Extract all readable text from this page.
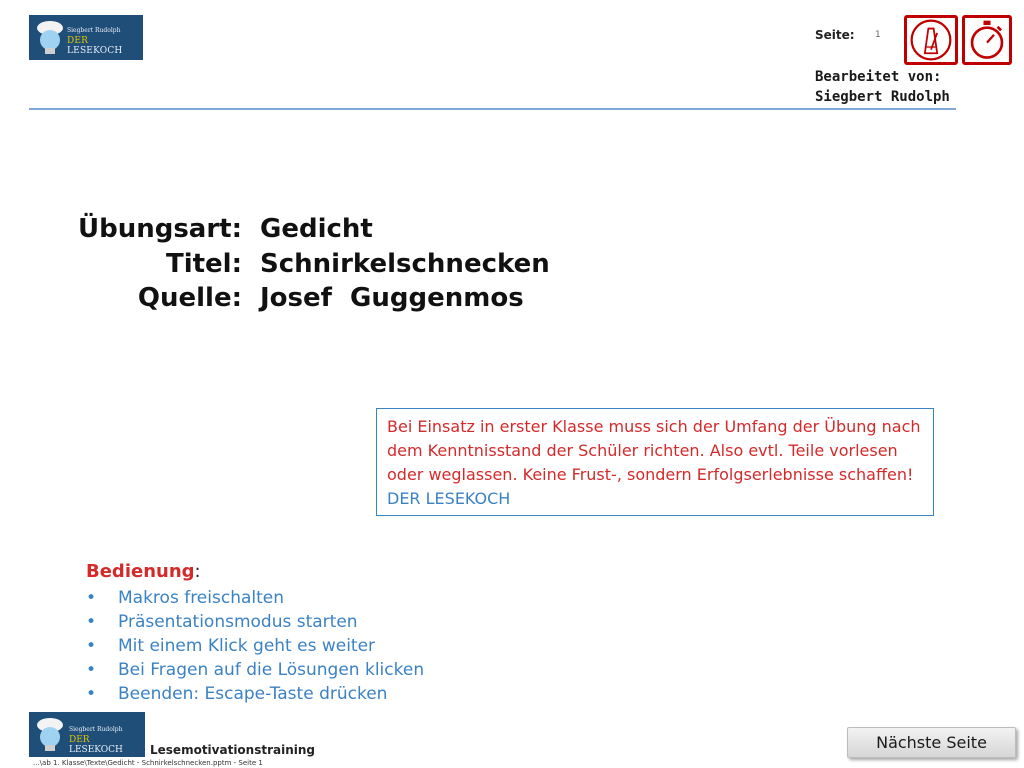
Siegbert Rudolph
DER LESEKOCH
Seite: 1
Bearbeitet von:
Siegbert Rudolph
Übungsart: Gedicht
Titel: Schnirkelschnecken
Quelle: Josef  Guggenmos
Bei Einsatz in erster Klasse muss sich der Umfang der Übung nach dem Kenntnisstand der Schüler richten. Also evtl. Teile vorlesen oder weglassen. Keine Frust-, sondern Erfolgserlebnisse schaffen! DER LESEKOCH
Bedienung:
•	Makros freischalten
•	Präsentationsmodus starten
•	Mit einem Klick geht es weiter
•	Bei Fragen auf die Lösungen klicken
•	Beenden: Escape-Taste drücken
Siegbert Rudolph
DER LESEKOCH	Lesemotivationstraining
...\ab 1. Klasse\Texte\Gedicht - Schnirkelschnecken.pptm - Seite 1
Nächste Seite
